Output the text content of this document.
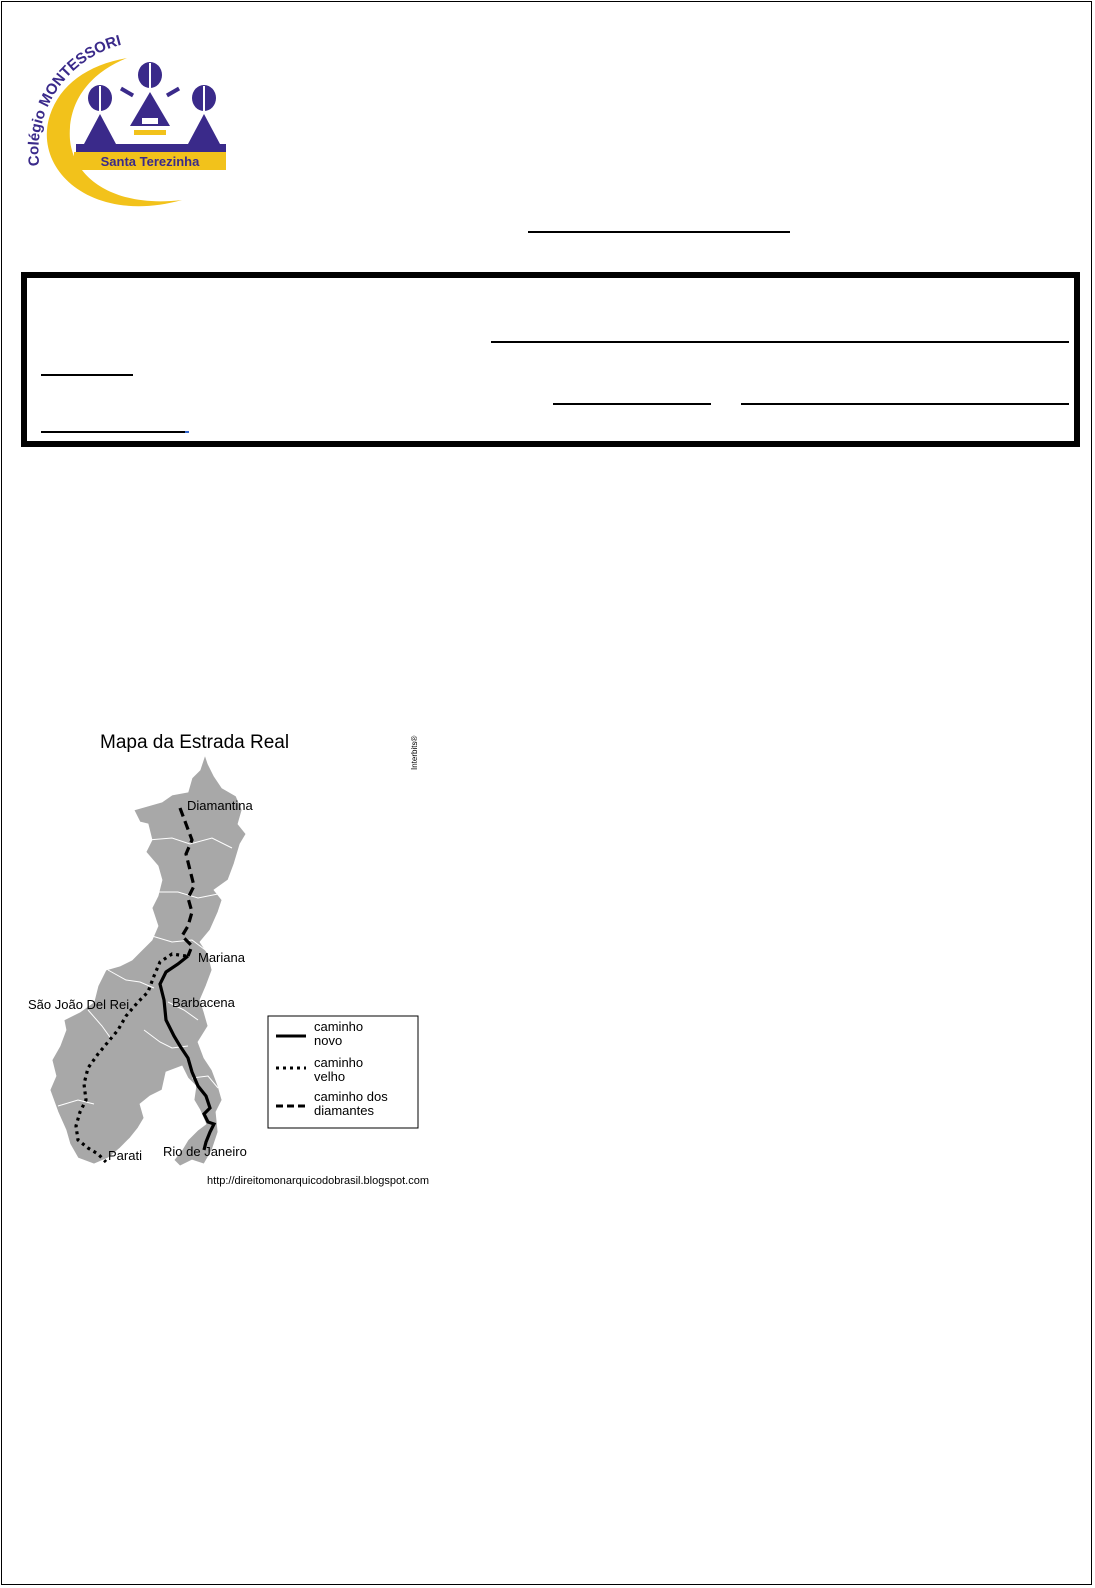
Colégio MONTESSORI
Santa Terezinha
Mapa da Estrada Real	Interbits®
Diamantina
Mariana
São João Del Rei	Barbacena
Parati Rio de Janeiro
caminho
novo
caminho
velho
caminho dos
diamantes
http://direitomonarquicodobrasil.blogspot.com
